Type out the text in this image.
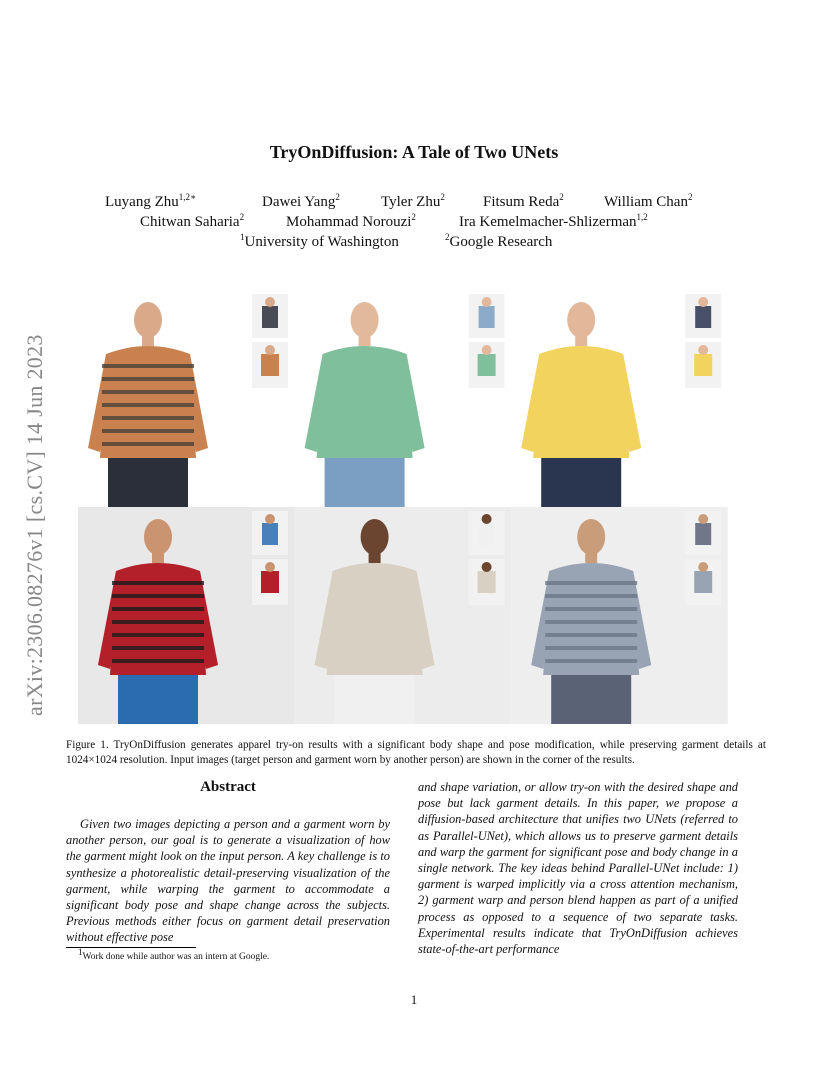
TryOnDiffusion: A Tale of Two UNets
Luyang Zhu$^{1,2∗}$	Dawei Yang$^2$	Tyler Zhu$^2$	Fitsum Reda$^2$	William Chan$^2$
Chitwan Saharia$^2$	Mohammad Norouzi$^2$	Ira Kemelmacher-Shlizerman$^{1,2}$
$^1$University of Washington	$^2$Google Research
arXiv:2306.08276v1 [cs.CV] 14 Jun 2023
Figure 1. TryOnDiffusion generates apparel try-on results with a significant body shape and pose modification, while preserving garment details at 1024×1024 resolution. Input images (target person and garment worn by another person) are shown in the corner of the results.
Abstract
Given two images depicting a person and a garment worn by another person, our goal is to generate a visualization of how the garment might look on the input person. A key challenge is to synthesize a photorealistic detail-preserving visualization of the garment, while warping the garment to accommodate a significant body pose and shape change across the subjects. Previous methods either focus on garment detail preservation without effective pose
and shape variation, or allow try-on with the desired shape and pose but lack garment details. In this paper, we propose a diffusion-based architecture that unifies two UNets (referred to as Parallel-UNet), which allows us to preserve garment details and warp the garment for significant pose and body change in a single network. The key ideas behind Parallel-UNet include: 1) garment is warped implicitly via a cross attention mechanism, 2) garment warp and person blend happen as part of a unified process as opposed to a sequence of two separate tasks. Experimental results indicate that TryOnDiffusion achieves state-of-the-art performance
$^1$Work done while author was an intern at Google.
1
